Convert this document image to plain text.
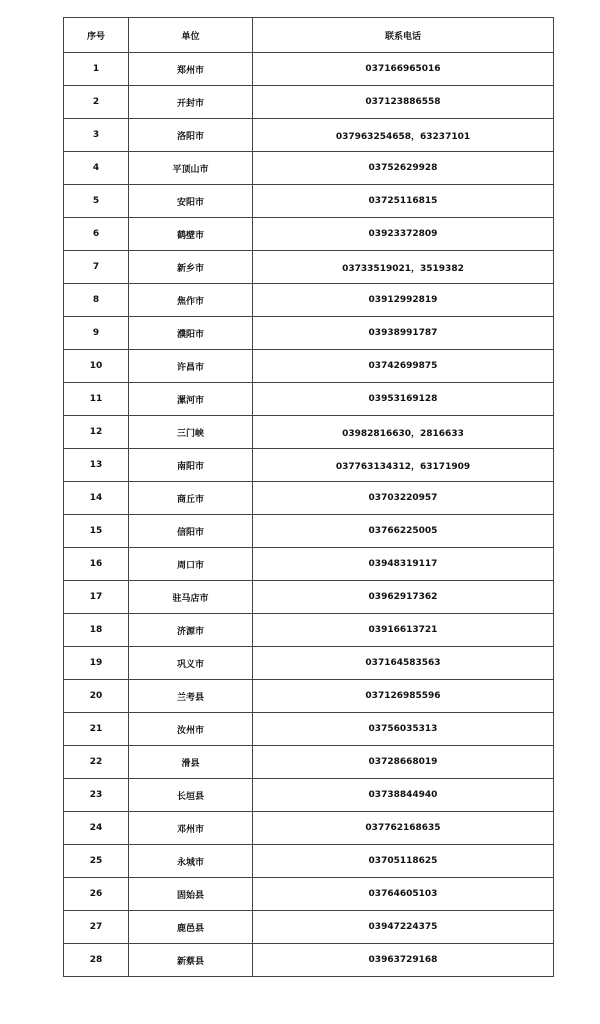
序号	单位	联系电话
1	郑州市	037166965016
2	开封市	037123886558
3	洛阳市	037963254658，63237101
4	平顶山市	03752629928
5	安阳市	03725116815
6	鹤壁市	03923372809
7	新乡市	03733519021，3519382
8	焦作市	03912992819
9	濮阳市	03938991787
10	许昌市	03742699875
11	漯河市	03953169128
12	三门峡	03982816630，2816633
13	南阳市	037763134312，63171909
14	商丘市	03703220957
15	信阳市	03766225005
16	周口市	03948319117
17	驻马店市	03962917362
18	济源市	03916613721
19	巩义市	037164583563
20	兰考县	037126985596
21	汝州市	03756035313
22	滑县	03728668019
23	长垣县	03738844940
24	邓州市	037762168635
25	永城市	03705118625
26	固始县	03764605103
27	鹿邑县	03947224375
28	新蔡县	03963729168
